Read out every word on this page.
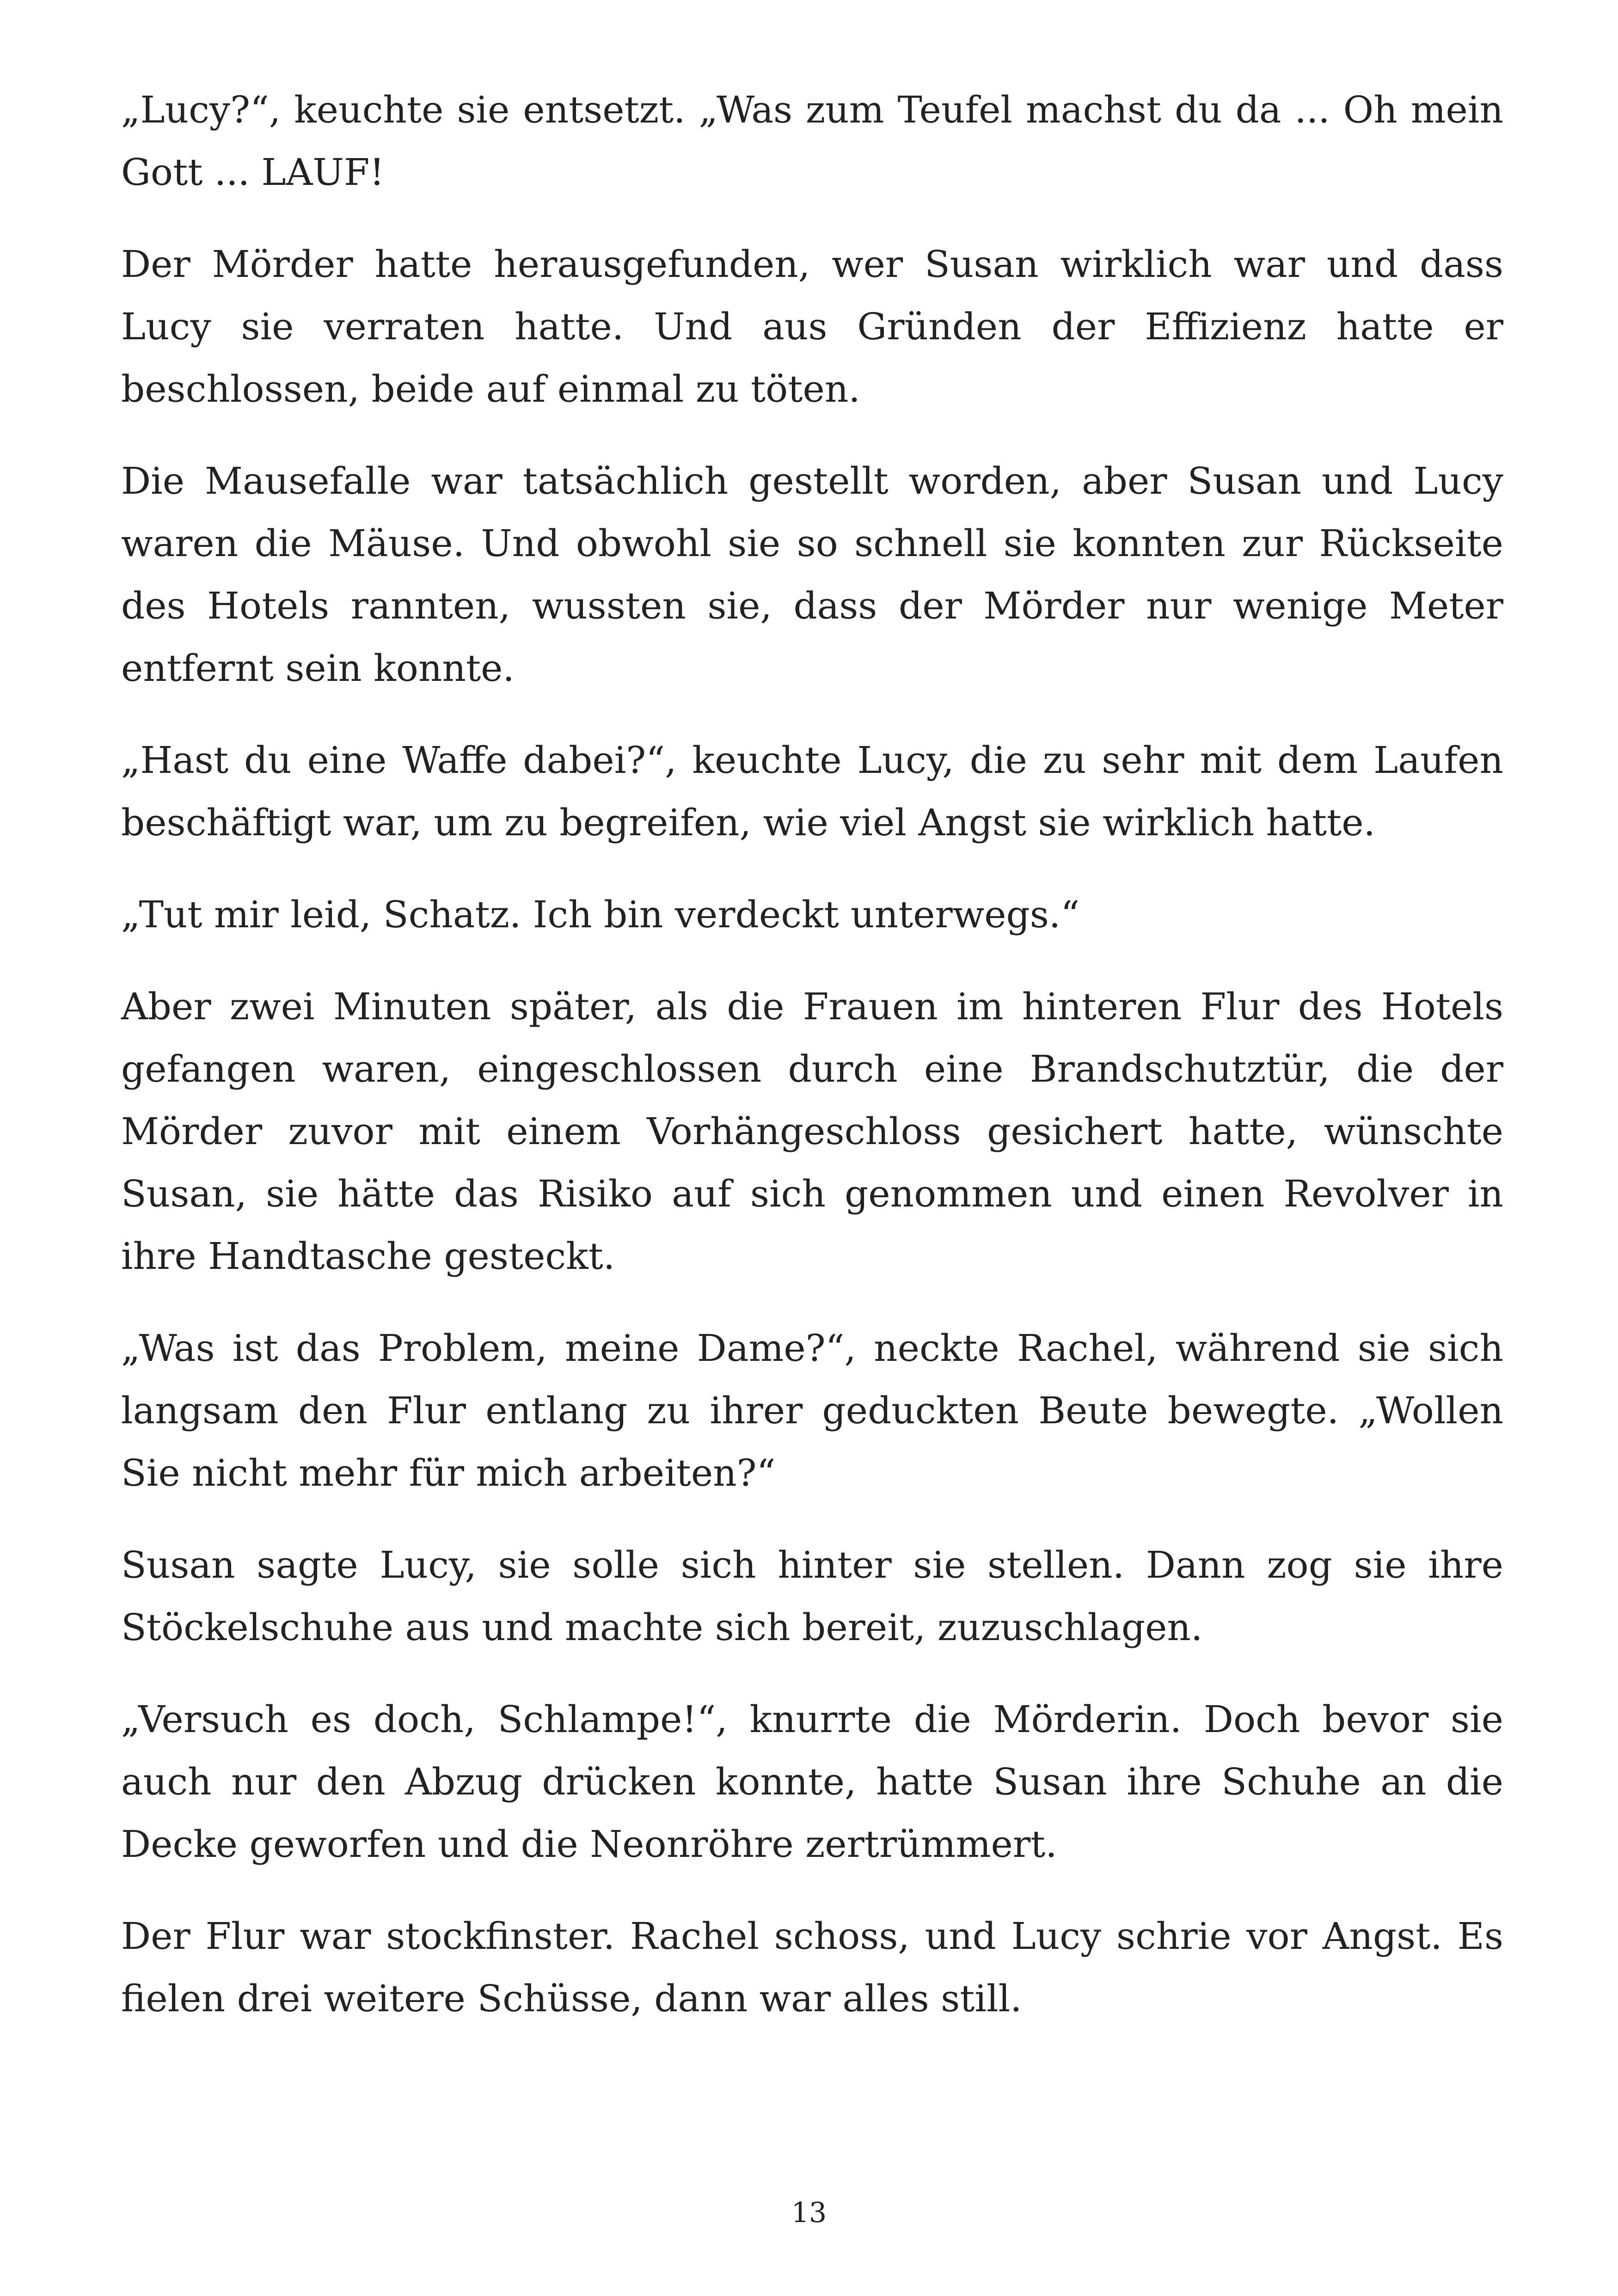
„Lucy?“, keuchte sie entsetzt. „Was zum Teufel machst du da ... Oh mein Gott ... LAUF!

Der Mörder hatte herausgefunden, wer Susan wirklich war und dass Lucy sie verraten hatte. Und aus Gründen der Effizienz hatte er beschlossen, beide auf einmal zu töten.

Die Mausefalle war tatsächlich gestellt worden, aber Susan und Lucy waren die Mäuse. Und obwohl sie so schnell sie konnten zur Rückseite des Hotels rannten, wussten sie, dass der Mörder nur wenige Meter entfernt sein konnte.

„Hast du eine Waffe dabei?“, keuchte Lucy, die zu sehr mit dem Laufen beschäftigt war, um zu begreifen, wie viel Angst sie wirklich hatte.

„Tut mir leid, Schatz. Ich bin verdeckt unterwegs.“

Aber zwei Minuten später, als die Frauen im hinteren Flur des Hotels gefangen waren, eingeschlossen durch eine Brandschutztür, die der Mörder zuvor mit einem Vorhängeschloss gesichert hatte, wünschte Susan, sie hätte das Risiko auf sich genommen und einen Revolver in ihre Handtasche gesteckt.

„Was ist das Problem, meine Dame?“, neckte Rachel, während sie sich langsam den Flur entlang zu ihrer geduckten Beute bewegte. „Wollen Sie nicht mehr für mich arbeiten?“

Susan sagte Lucy, sie solle sich hinter sie stellen. Dann zog sie ihre Stöckelschuhe aus und machte sich bereit, zuzuschlagen.

„Versuch es doch, Schlampe!“, knurrte die Mörderin. Doch bevor sie auch nur den Abzug drücken konnte, hatte Susan ihre Schuhe an die Decke geworfen und die Neonröhre zertrümmert.

Der Flur war stockfinster. Rachel schoss, und Lucy schrie vor Angst. Es fielen drei weitere Schüsse, dann war alles still.

13
